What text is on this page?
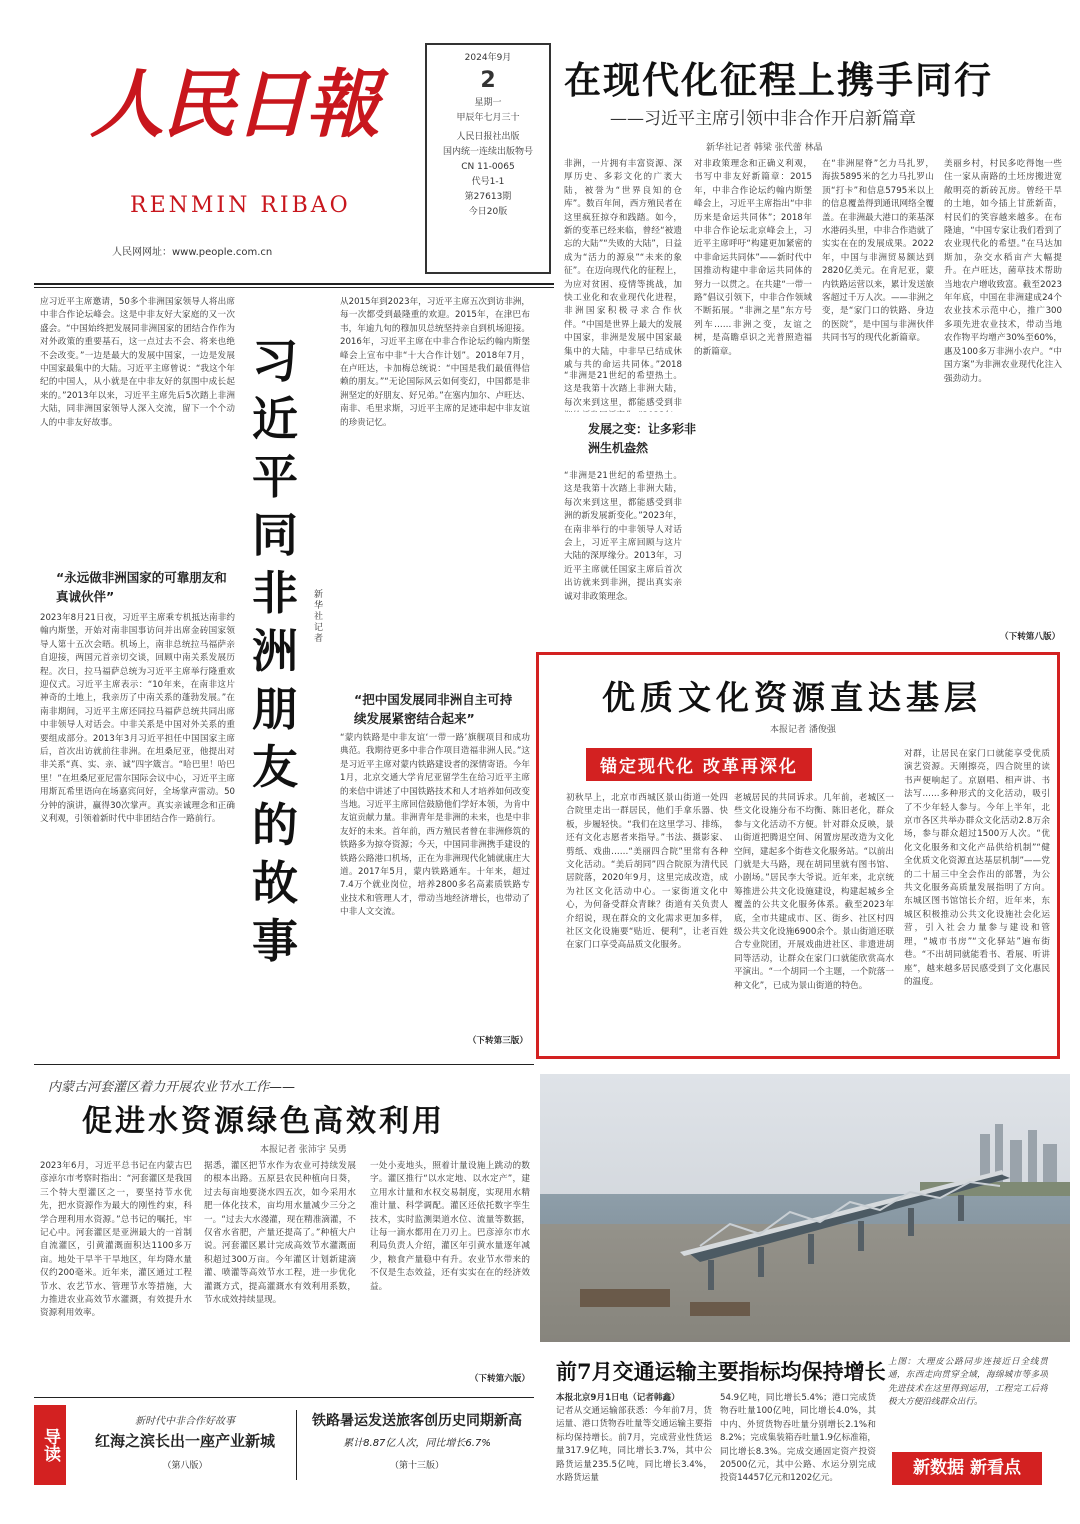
人民日報
RENMIN RIBAO
人民网网址：www.people.com.cn
2024年9月
2
星期一
甲辰年七月三十
人民日报社出版
国内统一连续出版物号
CN 11-0065
代号1-1
第27613期
今日20版
在现代化征程上携手同行
——习近平主席引领中非合作开启新篇章
新华社记者 韩梁 张代蕾 林晶
非洲，一片拥有丰富资源、深厚历史、多彩文化的广袤大陆，被誉为“世界良知的仓库”。数百年间，西方殖民者在这里疯狂掠夺和践踏。如今，新的变革已经来临，曾经“被遗忘的大陆”“失败的大陆”，日益成为“活力的源泉”“未来的象征”。在迈向现代化的征程上，为应对贫困、疫情等挑战，加快工业化和农业现代化进程，非洲国家积极寻求合作伙伴。“中国是世界上最大的发展中国家，非洲是发展中国家最集中的大陆，中非早已结成休戚与共的命运共同体。”2018
“非洲是21世纪的希望热土。这是我第十次踏上非洲大陆，每次来到这里，都能感受到非
发展之变：让多彩非洲生机盎然
“非洲是21世纪的希望热土。这是我第十次踏上非洲大陆，每次来到这里，都能感受到非洲的新发展新变化。”2023年，在南非举行的中非领导人对话会上，习近平主席回顾与这片大陆的深厚缘分。2013年，习近平主席就任国家主席后首次出访就来到非洲，提出真实亲诚对非政策理念。
对非政策理念和正确义利观，书写中非友好新篇章：2015年，中非合作论坛约翰内斯堡峰会上，习近平主席指出“中非历来是命运共同体”；2018年中非合作论坛北京峰会上，习近平主席呼吁“构建更加紧密的中非命运共同体”——新时代中国推动构建中非命运共同体的努力一以贯之。在共建“一带一路”倡议引领下，中非合作领域不断拓展。“非洲之星”东方号列车……非洲之变，友谊之树，是高瞻卓识之光普照造福的新篇章。
在“非洲屋脊”乞力马扎罗，海拔5895米的乞力马扎罗山顶“打卡”和信息5795米以上的信息覆盖得到通讯网络全覆盖。在非洲最大港口的莱基深水港码头里，中非合作造就了实实在在的发展成果。2022年，中国与非洲贸易额达到2820亿美元。在肯尼亚，蒙内铁路运营以来，累计发送旅客超过千万人次。——非洲之变，是“家门口的铁路、身边的医院”，是中国与非洲伙伴共同书写的现代化新篇章。
美丽乡村，村民多吃得饱一些住一家从南路的土坯房搬进宽敞明亮的新砖瓦房。曾经干旱的土地，如今插上甘蔗新苗，村民们的笑容越来越多。在布隆迪，“中国专家让我们看到了农业现代化的希望。”在马达加斯加，杂交水稻亩产大幅提升。在卢旺达，菌草技术帮助当地农户增收致富。截至2023年年底，中国在非洲建成24个农业技术示范中心，推广300多项先进农业技术，带动当地农作物平均增产30%至60%，惠及100多万非洲小农户。“中国方案”为非洲农业现代化注入强劲动力。
（下转第八版）
应习近平主席邀请，50多个非洲国家领导人将出席中非合作论坛峰会。这是中非友好大家庭的又一次盛会。“中国始终把发展同非洲国家的团结合作作为对外政策的重要基石，这一点过去不会、将来也绝不会改变。”一边是最大的发展中国家，一边是发展中国家最集中的大陆。习近平主席曾说：“我这个年纪的中国人，从小就是在中非友好的氛围中成长起来的。”2013年以来，习近平主席先后5次踏上非洲大陆，同非洲国家领导人深入交流，留下一个个动人的中非友好故事。
“永远做非洲国家的可靠朋友和真诚伙伴”
2023年8月21日夜，习近平主席乘专机抵达南非约翰内斯堡，开始对南非国事访问并出席金砖国家领导人第十五次会晤。机场上，南非总统拉马福萨亲自迎接，两国元首亲切交谈，回顾中南关系发展历程。次日，拉马福萨总统为习近平主席举行隆重欢迎仪式。习近平主席表示：“10年来，在南非这片神奇的土地上，我亲历了中南关系的蓬勃发展。”在南非期间，习近平主席还同拉马福萨总统共同出席中非领导人对话会。中非关系是中国对外关系的重要组成部分。2013年3月习近平担任中国国家主席后，首次出访就前往非洲。在坦桑尼亚，他提出对非关系“真、实、亲、诚”四字箴言。“哈巴里！哈巴里！”在坦桑尼亚尼雷尔国际会议中心，习近平主席用斯瓦希里语向在场嘉宾问好，全场掌声雷动。50分钟的演讲，赢得30次掌声。真实亲诚理念和正确义利观，引领着新时代中非团结合作一路前行。
习近平同非洲朋友的故事
新华社记者
从2015年到2023年，习近平主席五次到访非洲，每一次都受到最隆重的欢迎。2015年，在津巴布韦，年逾九旬的穆加贝总统坚持亲自到机场迎接。2016年，习近平主席在中非合作论坛约翰内斯堡峰会上宣布中非“十大合作计划”。2018年7月，在卢旺达，卡加梅总统说：“中国是我们最值得信赖的朋友。”“无论国际风云如何变幻，中国都是非洲坚定的好朋友、好兄弟。”在塞内加尔、卢旺达、南非、毛里求斯，习近平主席的足迹串起中非友谊的珍贵记忆。
“把中国发展同非洲自主可持续发展紧密结合起来”
“蒙内铁路是中非友谊‘一带一路’旗舰项目和成功典范。我期待更多中非合作项目造福非洲人民。”这是习近平主席对蒙内铁路建设者的深情寄语。今年1月，北京交通大学肯尼亚留学生在给习近平主席的来信中讲述了中国铁路技术和人才培养如何改变当地。习近平主席回信鼓励他们学好本领，为肯中友谊贡献力量。非洲青年是非洲的未来，也是中非友好的未来。首年前，西方殖民者曾在非洲修筑的铁路多为掠夺资源；今天，中国同非洲携手建设的铁路公路港口机场，正在为非洲现代化铺就康庄大道。2017年5月，蒙内铁路通车。十年来，超过7.4万个就业岗位，培养2800多名高素质铁路专业技术和管理人才，带动当地经济增长，也带动了中非人文交流。
（下转第三版）
优质文化资源直达基层
本报记者 潘俊强
锚定现代化 改革再深化
初秋早上，北京市西城区景山街道一处四合院里走出一群居民，他们手拿乐器、快板，步履轻快。“我们在这里学习、排练，还有文化志愿者来指导。”书法、摄影家、剪纸、戏曲……“美丽四合院”里常有各种文化活动。“美后胡同”四合院原为清代民居院落，2020年9月，这里完成改造，成为社区文化活动中心。一家街道文化中心，为何备受群众青睐？街道有关负责人介绍说，现在群众的文化需求更加多样，社区文化设施要“贴近、便利”，让老百姓在家门口享受高品质文化服务。
老城居民的共同诉求。几年前，老城区一些文化设施分布不均衡、陈旧老化，群众参与文化活动不方便。针对群众反映，景山街道把腾退空间、闲置房屋改造为文化空间，建起多个街巷文化服务站。“以前出门就是大马路，现在胡同里就有图书馆、小剧场。”居民李大爷说。近年来，北京统筹推进公共文化设施建设，构建起城乡全覆盖的公共文化服务体系。截至2023年底，全市共建成市、区、街乡、社区村四级公共文化设施6900余个。景山街道还联合专业院团，开展戏曲进社区、非遗进胡同等活动，让群众在家门口就能欣赏高水平演出。“一个胡同一个主题，一个院落一种文化”，已成为景山街道的特色。
对群，让居民在家门口就能享受优质演艺资源。天刚擦亮，四合院里的读书声便响起了。京剧唱、相声讲、书法写……多种形式的文化活动，吸引了不少年轻人参与。今年上半年，北京市各区共举办群众文化活动2.8万余场，参与群众超过1500万人次。“优化文化服务和文化产品供给机制”“健全优质文化资源直达基层机制”——党的二十届三中全会作出的部署，为公共文化服务高质量发展指明了方向。东城区图书馆馆长介绍，近年来，东城区积极推动公共文化设施社会化运营，引入社会力量参与建设和管理，“城市书房”“文化驿站”遍布街巷。“不出胡同就能看书、看展、听讲座”，越来越多居民感受到了文化惠民的温度。
内蒙古河套灌区着力开展农业节水工作——
促进水资源绿色高效利用
本报记者 张沛宇 吴勇
2023年6月，习近平总书记在内蒙古巴彦淖尔市考察时指出：“河套灌区是我国三个特大型灌区之一，要坚持节水优先，把水资源作为最大的刚性约束，科学合理利用水资源。”总书记的嘱托，牢记心中。河套灌区是亚洲最大的一首制自流灌区，引黄灌溉面积达1100多万亩。地处干旱半干旱地区，年均降水量仅约200毫米。近年来，灌区通过工程节水、农艺节水、管理节水等措施，大力推进农业高效节水灌溉，有效提升水资源利用效率。
据悉，灌区把节水作为农业可持续发展的根本出路。五原县农民种植向日葵，过去每亩地要浇水四五次，如今采用水肥一体化技术，亩均用水量减少三分之一。“过去大水漫灌，现在精准滴灌，不仅省水省肥，产量还提高了。”种植大户说。河套灌区累计完成高效节水灌溉面积超过300万亩。今年灌区计划新建滴灌、喷灌等高效节水工程，进一步优化灌溉方式，提高灌溉水有效利用系数，节水成效持续显现。
一处小麦地头，照着计量设施上跳动的数字。灌区推行“以水定地、以水定产”，建立用水计量和水权交易制度，实现用水精准计量、科学调配。灌区还依托数字孪生技术，实时监测渠道水位、流量等数据，让每一滴水都用在刀刃上。巴彦淖尔市水利局负责人介绍，灌区年引黄水量逐年减少，粮食产量稳中有升。农业节水带来的不仅是生态效益，还有实实在在的经济效益。
（下转第六版） 前7月交通运输主要指标均保持增长
本报北京9月1日电（记者韩鑫）
记者从交通运输部获悉：今年前7月，货运量、港口货物吞吐量等交通运输主要指标均保持增长。前7月，完成营业性货运量317.9亿吨，同比增长3.7%，其中公路货运量235.5亿吨，同比增长3.4%，水路货运量
54.9亿吨，同比增长5.4%；港口完成货物吞吐量100亿吨，同比增长4.0%，其中内、外贸货物吞吐量分别增长2.1%和8.2%；完成集装箱吞吐量1.9亿标准箱，同比增长8.3%。完成交通固定资产投资20500亿元，其中公路、水运分别完成投资14457亿元和1202亿元。
上图：大理皮公路同步连接近日全线贯通，东西走向贯穿全域，海绵城市等多项先进技术在这里得到运用，工程完工后将极大方便沿线群众出行。
新数据 新看点
导读
新时代中非合作好故事
红海之滨长出一座产业新城
（第八版）
铁路暑运发送旅客创历史同期新高
累计8.87亿人次，同比增长6.7%
（第十三版）
